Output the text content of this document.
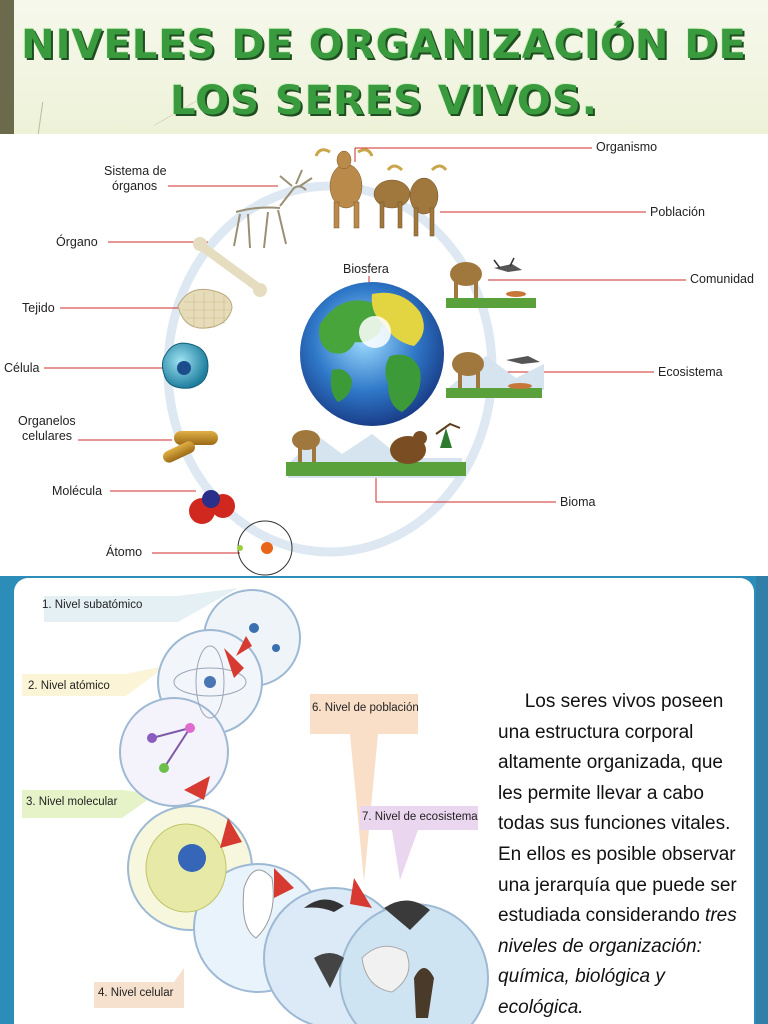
NIVELES DE ORGANIZACIÓN DE
LOS SERES VIVOS.
Sistema de
órganos
Órgano
Tejido
Célula
Organelos
celulares
Molécula
Átomo
Biosfera
Organismo
Población
Comunidad
Ecosistema
Bioma
1. Nivel subatómico
2. Nivel atómico
3. Nivel molecular
4. Nivel celular
6. Nivel de población
7. Nivel de ecosistema
Los seres vivos poseen
una estructura corporal
altamente organizada, que
les permite llevar a cabo
todas sus funciones vitales.
En ellos es posible observar
una jerarquía que puede ser
estudiada considerando tres
niveles de organización:
química, biológica y
ecológica.
